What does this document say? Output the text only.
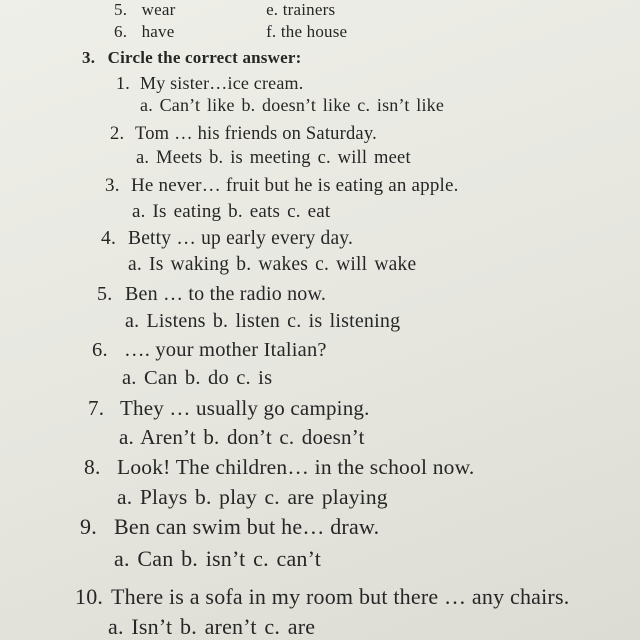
5. wear	e. trainers
6. have	f. the house
3. Circle the correct answer:
1. My sister…ice cream.
a. Can’t like b. doesn’t like c. isn’t like
2. Tom … his friends on Saturday.
a. Meets b. is meeting c. will meet
3. He never… fruit but he is eating an apple.
a. Is eating b. eats c. eat
4. Betty … up early every day.
a. Is waking b. wakes c. will wake
5. Ben … to the radio now.
a. Listens b. listen c. is listening
6. …. your mother Italian?
a. Can b. do c. is
7. They … usually go camping.
a. Aren’t b. don’t c. doesn’t
8. Look! The children… in the school now.
a. Plays b. play c. are playing
9. Ben can swim but he… draw.
a. Can b. isn’t c. can’t
10. There is a sofa in my room but there … any chairs.
a. Isn’t b. aren’t c. are
